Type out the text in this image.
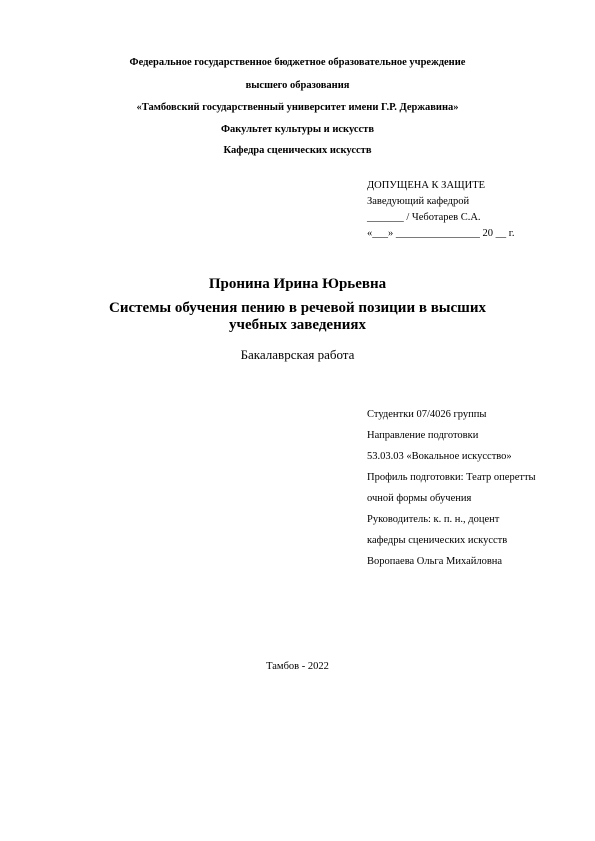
Федеральное государственное бюджетное образовательное учреждение
высшего образования
«Тамбовский государственный университет имени Г.Р. Державина»
Факультет культуры и искусств
Кафедра сценических искусств
ДОПУЩЕНА К ЗАЩИТЕ
Заведующий кафедрой
_______ / Чеботарев С.А.
«___» ________________ 20 __ г.
Пронина Ирина Юрьевна
Системы обучения пению в речевой позиции в высших
учебных заведениях
Бакалаврская работа
Студентки 07/4026 группы
Направление подготовки
53.03.03 «Вокальное искусство»
Профиль подготовки: Театр оперетты
очной формы обучения
Руководитель: к. п. н., доцент
кафедры сценических искусств
Воропаева Ольга Михайловна
Тамбов - 2022
